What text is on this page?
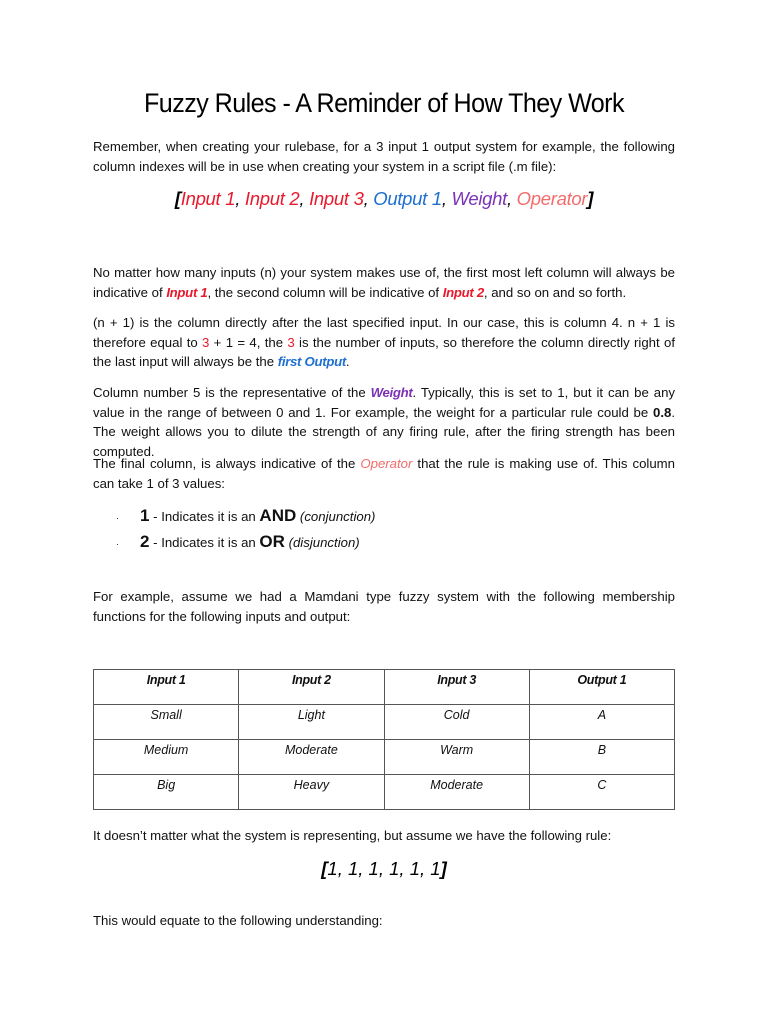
Fuzzy Rules - A Reminder of How They Work
Remember, when creating your rulebase, for a 3 input 1 output system for example, the following column indexes will be in use when creating your system in a script file (.m file):
[Input 1, Input 2, Input 3, Output 1, Weight, Operator]
No matter how many inputs (n) your system makes use of, the first most left column will always be indicative of Input 1, the second column will be indicative of Input 2, and so on and so forth.
(n + 1) is the column directly after the last specified input. In our case, this is column 4. n + 1 is therefore equal to 3 + 1 = 4, the 3 is the number of inputs, so therefore the column directly right of the last input will always be the first Output.
Column number 5 is the representative of the Weight. Typically, this is set to 1, but it can be any value in the range of between 0 and 1. For example, the weight for a particular rule could be 0.8. The weight allows you to dilute the strength of any firing rule, after the firing strength has been computed.
The final column, is always indicative of the Operator that the rule is making use of. This column can take 1 of 3 values:
· 1 - Indicates it is an AND (conjunction)
· 2 - Indicates it is an OR (disjunction)
For example, assume we had a Mamdani type fuzzy system with the following membership functions for the following inputs and output:
Input 1	Input 2	Input 3	Output 1
Small	Light	Cold	A
Medium	Moderate	Warm	B
Big	Heavy	Moderate	C
It doesn’t matter what the system is representing, but assume we have the following rule:
[1, 1, 1, 1, 1, 1]
This would equate to the following understanding:
